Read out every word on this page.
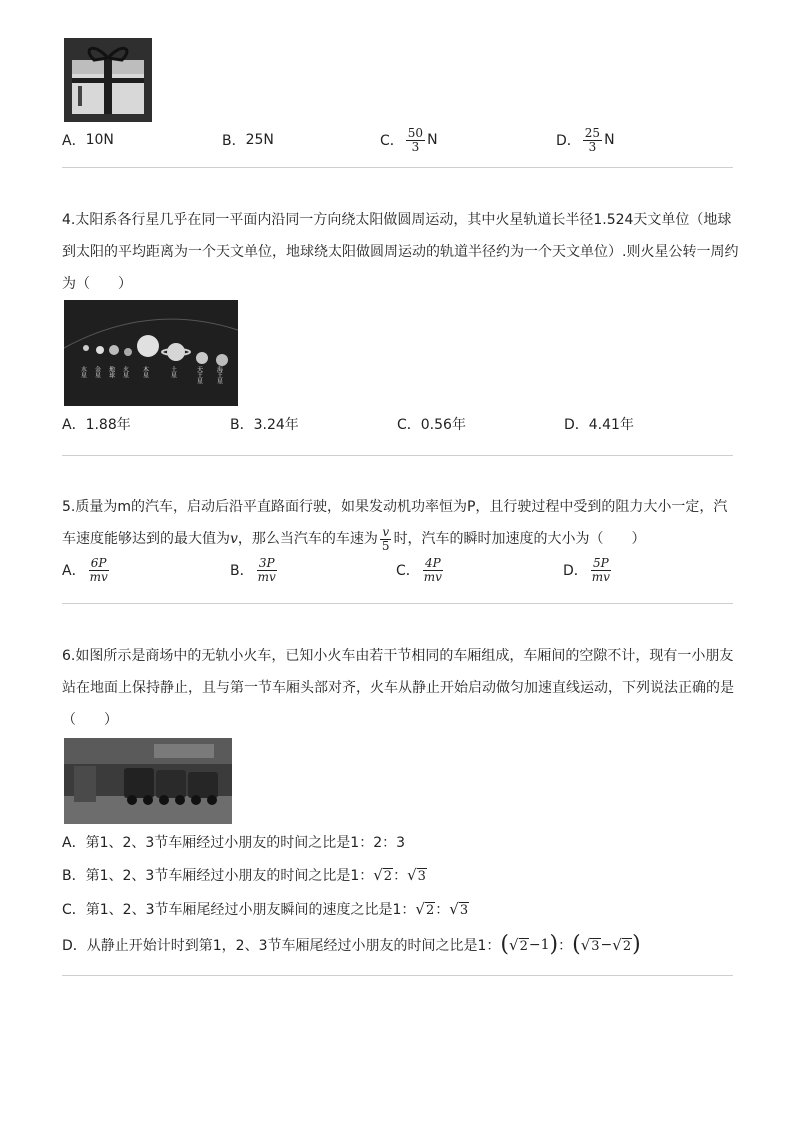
A． 10N	B． 25N	C． $\frac{50}{3}$ N	D． $\frac{25}{3}$ N
4.太阳系各行星几乎在同一平面内沿同一方向绕太阳做圆周运动，其中火星轨道长半径1.524天文单位（地球
到太阳的平均距离为一个天文单位，地球绕太阳做圆周运动的轨道半径约为一个天文单位）.则火星公转一周约
为（　　）
水星 金星 地球 火星 木星	土星	天王星 海王星
A．1.88年	B．3.24年	C．0.56年	D．4.41年
5.质量为m的汽车，启动后沿平直路面行驶，如果发动机功率恒为P，且行驶过程中受到的阻力大小一定，汽
车速度能够达到的最大值为 v ，那么当汽车的车速为 $\frac{v}{5}$ 时，汽车的瞬时加速度的大小为（　　）
A． $\frac{6P}{mv}$	B． $\frac{3P}{mv}$	C． $\frac{4P}{mv}$	D． $\frac{5P}{mv}$
6.如图所示是商场中的无轨小火车，已知小火车由若干节相同的车厢组成，车厢间的空隙不计，现有一小朋友
站在地面上保持静止，且与第一节车厢头部对齐，火车从静止开始启动做匀加速直线运动，下列说法正确的是
（　　）
A．第1、2、3节车厢经过小朋友的时间之比是1：2：3
B．第1、2、3节车厢经过小朋友的时间之比是1： √ 2 ： √ 3
C．第1、2、3节车厢尾经过小朋友瞬间的速度之比是1： √ 2 ： √ 3
D．从静止开始计时到第1，2、3节车厢尾经过小朋友的时间之比是1： ( √ 2 −1 ) ： ( √ 3 − √ 2 )
